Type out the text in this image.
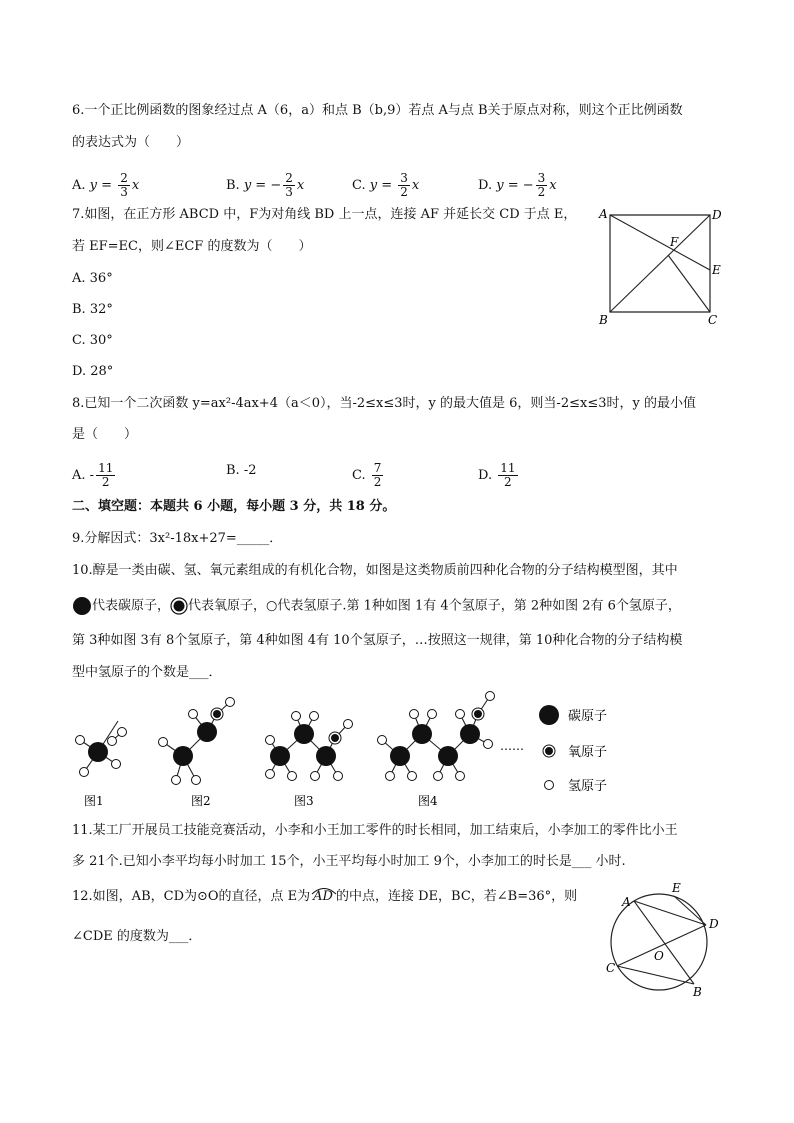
6.一个正比例函数的图象经过点 A（6，a）和点 B（b,9）若点 A与点 B关于原点对称，则这个正比例函数
的表达式为（　　）
A. $y = \frac{2}{3}$ x	B. y = − $\frac{2}{3}$ x	C. $y = \frac{3}{2}$ x	D. y = − $\frac{3}{2}$ x
7.如图，在正方形 ABCD 中，F为对角线 BD 上一点，连接 AF 并延长交 CD 于点 E，
若 EF=EC，则∠ECF 的度数为（　　）
A. 36°
B. 32°
C. 30°
D. 28°
A	D
B	C
E
F
8.已知一个二次函数 y=ax²-4ax+4（a＜0），当-2≤x≤3时，y 的最大值是 6，则当-2≤x≤3时，y 的最小值
是（　　）
A. - $\frac{11}{2}$	B. -2	C. $\frac{7}{2}$	D. $\frac{11}{2}$
二、填空题：本题共 6 小题，每小题 3 分，共 18 分。
9.分解因式：3x²-18x+27=_____．
10.醇是一类由碳、氢、氧元素组成的有机化合物，如图是这类物质前四种化合物的分子结构模型图，其中
代表碳原子， 代表氧原子，○代表氢原子.第 1种如图 1有 4个氢原子，第 2种如图 2有 6个氢原子，
第 3种如图 3有 8个氢原子，第 4种如图 4有 10个氢原子，…按照这一规律，第 10种化合物的分子结构模
型中氢原子的个数是___．
……
碳原子
氧原子
氢原子
图1	图2	图3	图4
11.某工厂开展员工技能竞赛活动，小李和小王加工零件的时长相同，加工结束后，小李加工的零件比小王
多 21个.已知小李平均每小时加工 15个，小王平均每小时加工 9个，小李加工的时长是___ 小时.
12.如图，AB，CD为⊙O的直径，点 E为 AD 的中点，连接 DE，BC，若∠B=36°，则
∠CDE 的度数为___．
A
E
D
C
B
O
